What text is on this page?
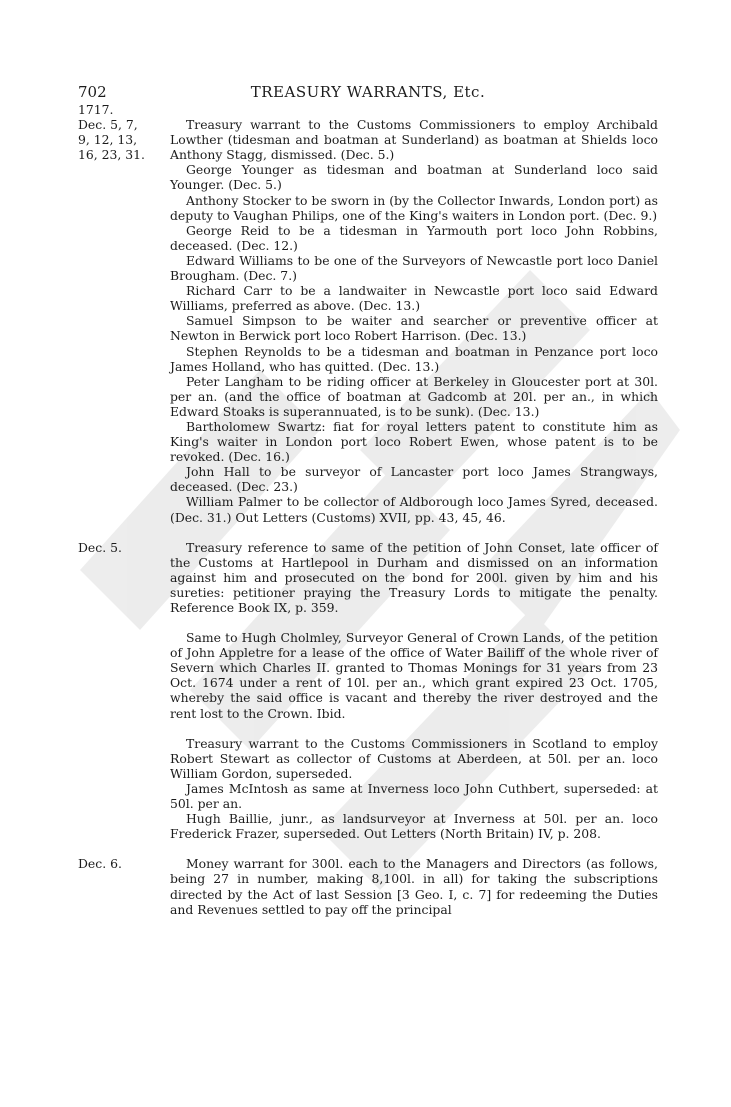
702	TREASURY WARRANTS, Etc.
1717.
Dec. 5, 7,
9, 12, 13,
16, 23, 31.

Treasury warrant to the Customs Commissioners to employ Archibald Lowther (tidesman and boatman at Sunderland) as boatman at Shields loco Anthony Stagg, dismissed. (Dec. 5.)

George Younger as tidesman and boatman at Sunderland loco said Younger. (Dec. 5.)

Anthony Stocker to be sworn in (by the Collector Inwards, London port) as deputy to Vaughan Philips, one of the King's waiters in London port. (Dec. 9.)

George Reid to be a tidesman in Yarmouth port loco John Robbins, deceased. (Dec. 12.)

Edward Williams to be one of the Surveyors of Newcastle port loco Daniel Brougham. (Dec. 7.)

Richard Carr to be a landwaiter in Newcastle port loco said Edward Williams, preferred as above. (Dec. 13.)

Samuel Simpson to be waiter and searcher or preventive officer at Newton in Berwick port loco Robert Harrison. (Dec. 13.)

Stephen Reynolds to be a tidesman and boatman in Penzance port loco James Holland, who has quitted. (Dec. 13.)

Peter Langham to be riding officer at Berkeley in Gloucester port at 30l. per an. (and the office of boatman at Gadcomb at 20l. per an., in which Edward Stoaks is superannuated, is to be sunk). (Dec. 13.)

Bartholomew Swartz: fiat for royal letters patent to constitute him as King's waiter in London port loco Robert Ewen, whose patent is to be revoked. (Dec. 16.)

John Hall to be surveyor of Lancaster port loco James Strangways, deceased. (Dec. 23.)

William Palmer to be collector of Aldborough loco James Syred, deceased. (Dec. 31.) Out Letters (Customs) XVII, pp. 43, 45, 46.

Dec. 5.	Treasury reference to same of the petition of John Conset, late officer of the Customs at Hartlepool in Durham and dismissed on an information against him and prosecuted on the bond for 200l. given by him and his sureties: petitioner praying the Treasury Lords to mitigate the penalty. Reference Book IX, p. 359.

Same to Hugh Cholmley, Surveyor General of Crown Lands, of the petition of John Appletre for a lease of the office of Water Bailiff of the whole river of Severn which Charles II. granted to Thomas Monings for 31 years from 23 Oct. 1674 under a rent of 10l. per an., which grant expired 23 Oct. 1705, whereby the said office is vacant and thereby the river destroyed and the rent lost to the Crown. Ibid.

Treasury warrant to the Customs Commissioners in Scotland to employ Robert Stewart as collector of Customs at Aberdeen, at 50l. per an. loco William Gordon, superseded.

James McIntosh as same at Inverness loco John Cuthbert, superseded: at 50l. per an.

Hugh Baillie, junr., as landsurveyor at Inverness at 50l. per an. loco Frederick Frazer, superseded. Out Letters (North Britain) IV, p. 208.

Dec. 6.	Money warrant for 300l. each to the Managers and Directors (as follows, being 27 in number, making 8,100l. in all) for taking the subscriptions directed by the Act of last Session [3 Geo. I, c. 7] for redeeming the Duties and Revenues settled to pay off the principal
